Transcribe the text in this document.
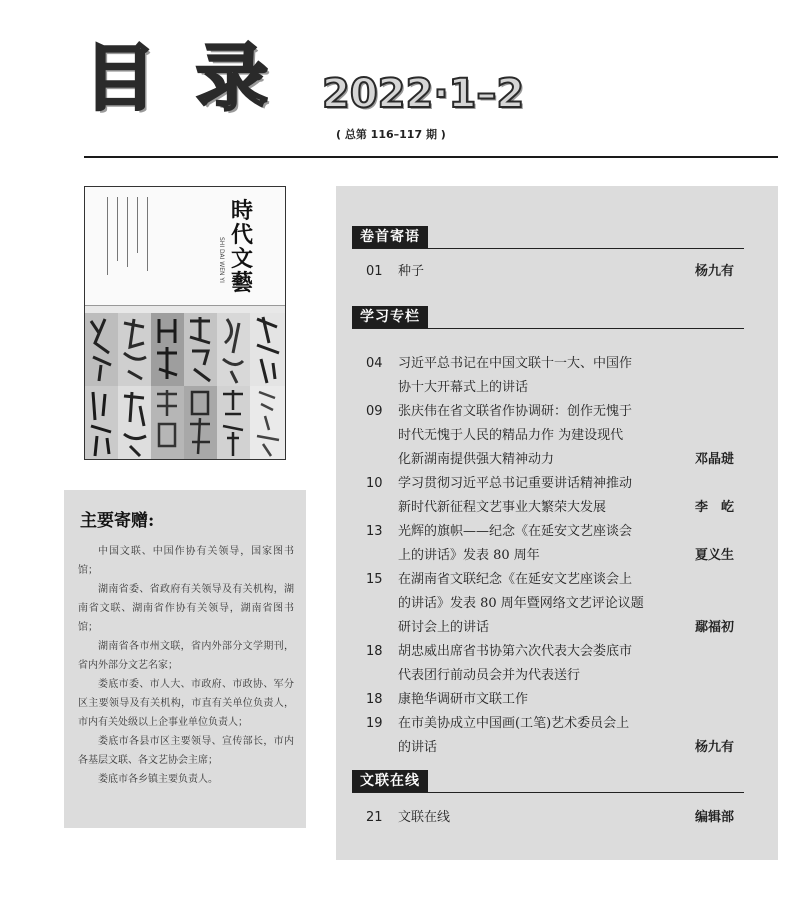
目 录 2022·1–2
( 总第 116–117 期 )
時
代
文
藝
SHI DAI WEN YI
主要寄赠:

中国文联、中国作协有关领导，国家图书馆；

湖南省委、省政府有关领导及有关机构，湖南省文联、湖南省作协有关领导，湖南省图书馆；

湖南省各市州文联，省内外部分文学期刊，省内外部分文艺名家；

娄底市委、市人大、市政府、市政协、军分区主要领导及有关机构，市直有关单位负责人，市内有关处级以上企事业单位负责人；

娄底市各县市区主要领导、宣传部长，市内各基层文联、各文艺协会主席；

娄底市各乡镇主要负责人。

卷首寄语
01	种子	杨九有
学习专栏
04	习近平总书记在中国文联十一大、中国作
协十大开幕式上的讲话
09	张庆伟在省文联省作协调研：创作无愧于
时代无愧于人民的精品力作 为建设现代
化新湖南提供强大精神动力	邓晶琎
10	学习贯彻习近平总书记重要讲话精神推动
新时代新征程文艺事业大繁荣大发展	李　屹
13	光辉的旗帜——纪念《在延安文艺座谈会
上的讲话》发表 80 周年	夏义生
15	在湖南省文联纪念《在延安文艺座谈会上
的讲话》发表 80 周年暨网络文艺评论议题
研讨会上的讲话	鄢福初
18	胡忠威出席省书协第六次代表大会娄底市
代表团行前动员会并为代表送行
18	康艳华调研市文联工作
19	在市美协成立中国画(工笔)艺术委员会上
的讲话	杨九有
文联在线
21	文联在线	编辑部
